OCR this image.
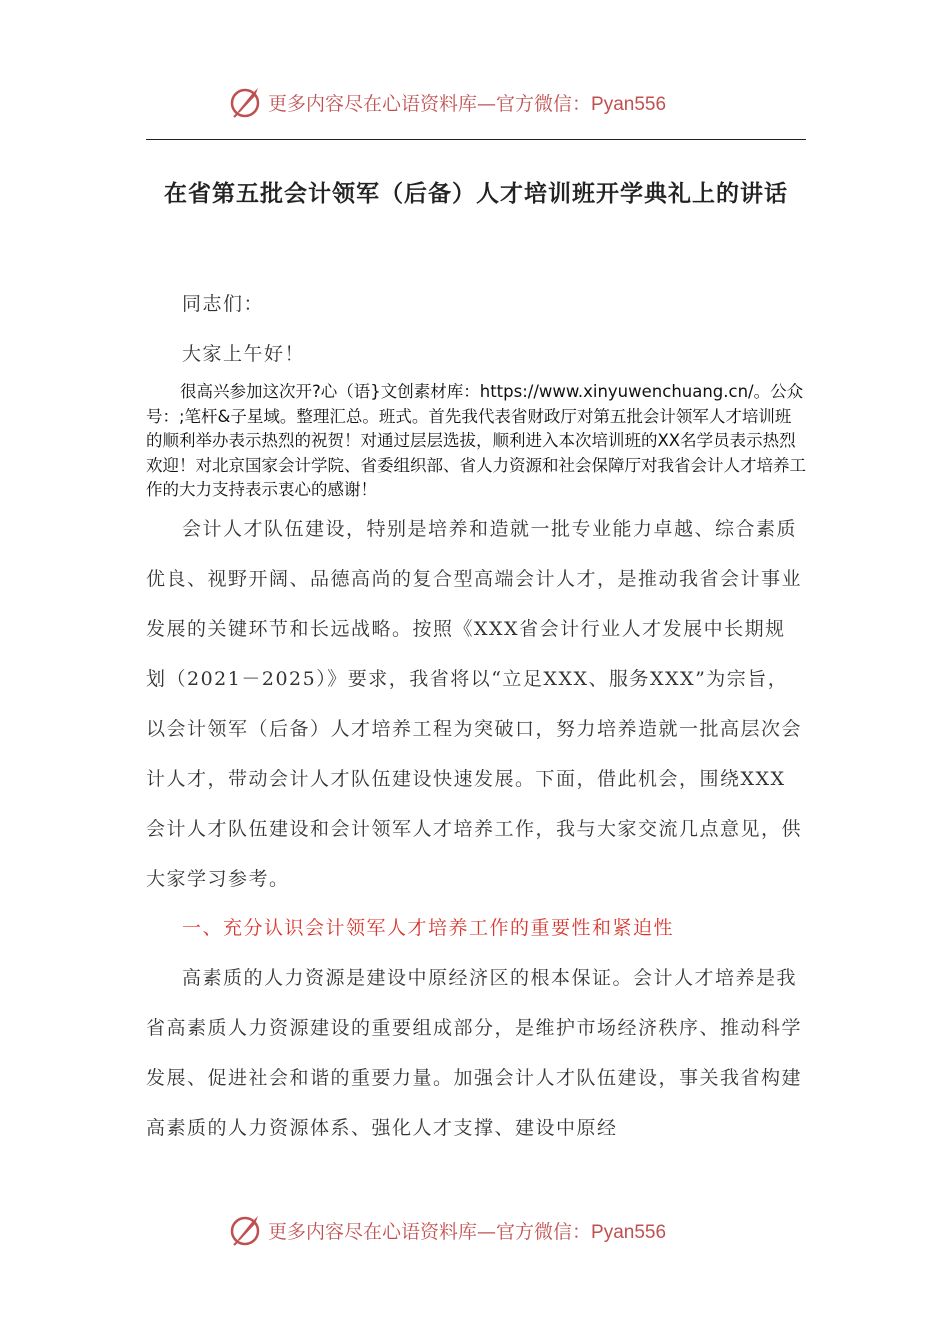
更多内容尽在心语资料库—官方微信：Pyan556
在省第五批会计领军（后备）人才培训班开学典礼上的讲话

同志们：

大家上午好！

很高兴参加这次开?心（语}文创素材库：https://www.xinyuwenchuang.cn/。公众号：;笔杆&子星域。整理汇总。班式。首先我代表省财政厅对第五批会计领军人才培训班的顺利举办表示热烈的祝贺！对通过层层选拔，顺利进入本次培训班的XX名学员表示热烈欢迎！对北京国家会计学院、省委组织部、省人力资源和社会保障厅对我省会计人才培养工作的大力支持表示衷心的感谢！

会计人才队伍建设，特别是培养和造就一批专业能力卓越、综合素质优良、视野开阔、品德高尚的复合型高端会计人才，是推动我省会计事业发展的关键环节和长远战略。按照《XXX省会计行业人才发展中长期规划（2021－2025）》要求，我省将以“立足XXX、服务XXX”为宗旨，以会计领军（后备）人才培养工程为突破口，努力培养造就一批高层次会计人才，带动会计人才队伍建设快速发展。下面，借此机会，围绕XXX会计人才队伍建设和会计领军人才培养工作，我与大家交流几点意见，供大家学习参考。

一、充分认识会计领军人才培养工作的重要性和紧迫性

高素质的人力资源是建设中原经济区的根本保证。会计人才培养是我省高素质人力资源建设的重要组成部分，是维护市场经济秩序、推动科学发展、促进社会和谐的重要力量。加强会计人才队伍建设，事关我省构建高素质的人力资源体系、强化人才支撑、建设中原经

更多内容尽在心语资料库—官方微信：Pyan556
